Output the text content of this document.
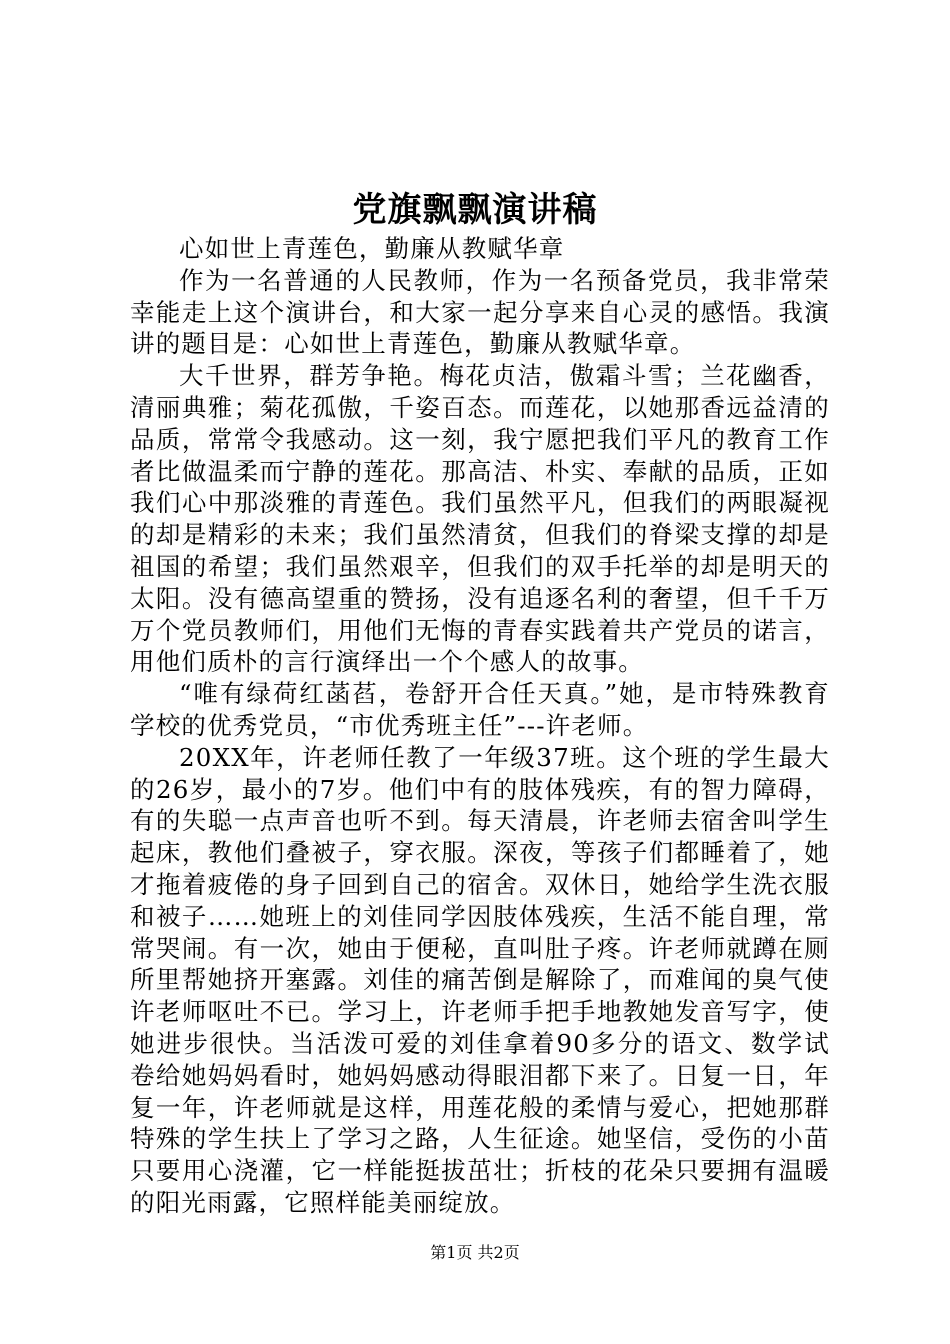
党旗飘飘演讲稿

心如世上青莲色，勤廉从教赋华章

作为一名普通的人民教师，作为一名预备党员，我非常荣幸能走上这个演讲台，和大家一起分享来自心灵的感悟。我演讲的题目是：心如世上青莲色，勤廉从教赋华章。

大千世界，群芳争艳。梅花贞洁，傲霜斗雪；兰花幽香，清丽典雅；菊花孤傲，千姿百态。而莲花，以她那香远益清的品质，常常令我感动。这一刻，我宁愿把我们平凡的教育工作者比做温柔而宁静的莲花。那高洁、朴实、奉献的品质，正如我们心中那淡雅的青莲色。我们虽然平凡，但我们的两眼凝视的却是精彩的未来；我们虽然清贫，但我们的脊梁支撑的却是祖国的希望；我们虽然艰辛，但我们的双手托举的却是明天的太阳。没有德高望重的赞扬，没有追逐名利的奢望，但千千万万个党员教师们，用他们无悔的青春实践着共产党员的诺言，用他们质朴的言行演绎出一个个感人的故事。

“唯有绿荷红菡萏，卷舒开合任天真。”她，是市特殊教育学校的优秀党员，“市优秀班主任”---许老师。

20XX年，许老师任教了一年级37班。这个班的学生最大的26岁，最小的7岁。他们中有的肢体残疾，有的智力障碍，有的失聪一点声音也听不到。每天清晨，许老师去宿舍叫学生起床，教他们叠被子，穿衣服。深夜，等孩子们都睡着了，她才拖着疲倦的身子回到自己的宿舍。双休日，她给学生洗衣服和被子……她班上的刘佳同学因肢体残疾，生活不能自理，常常哭闹。有一次，她由于便秘，直叫肚子疼。许老师就蹲在厕所里帮她挤开塞露。刘佳的痛苦倒是解除了，而难闻的臭气使许老师呕吐不已。学习上，许老师手把手地教她发音写字，使她进步很快。当活泼可爱的刘佳拿着90多分的语文、数学试卷给她妈妈看时，她妈妈感动得眼泪都下来了。日复一日，年复一年，许老师就是这样，用莲花般的柔情与爱心，把她那群特殊的学生扶上了学习之路，人生征途。她坚信，受伤的小苗只要用心浇灌，它一样能挺拔茁壮；折枝的花朵只要拥有温暖的阳光雨露，它照样能美丽绽放。

第1页 共2页
